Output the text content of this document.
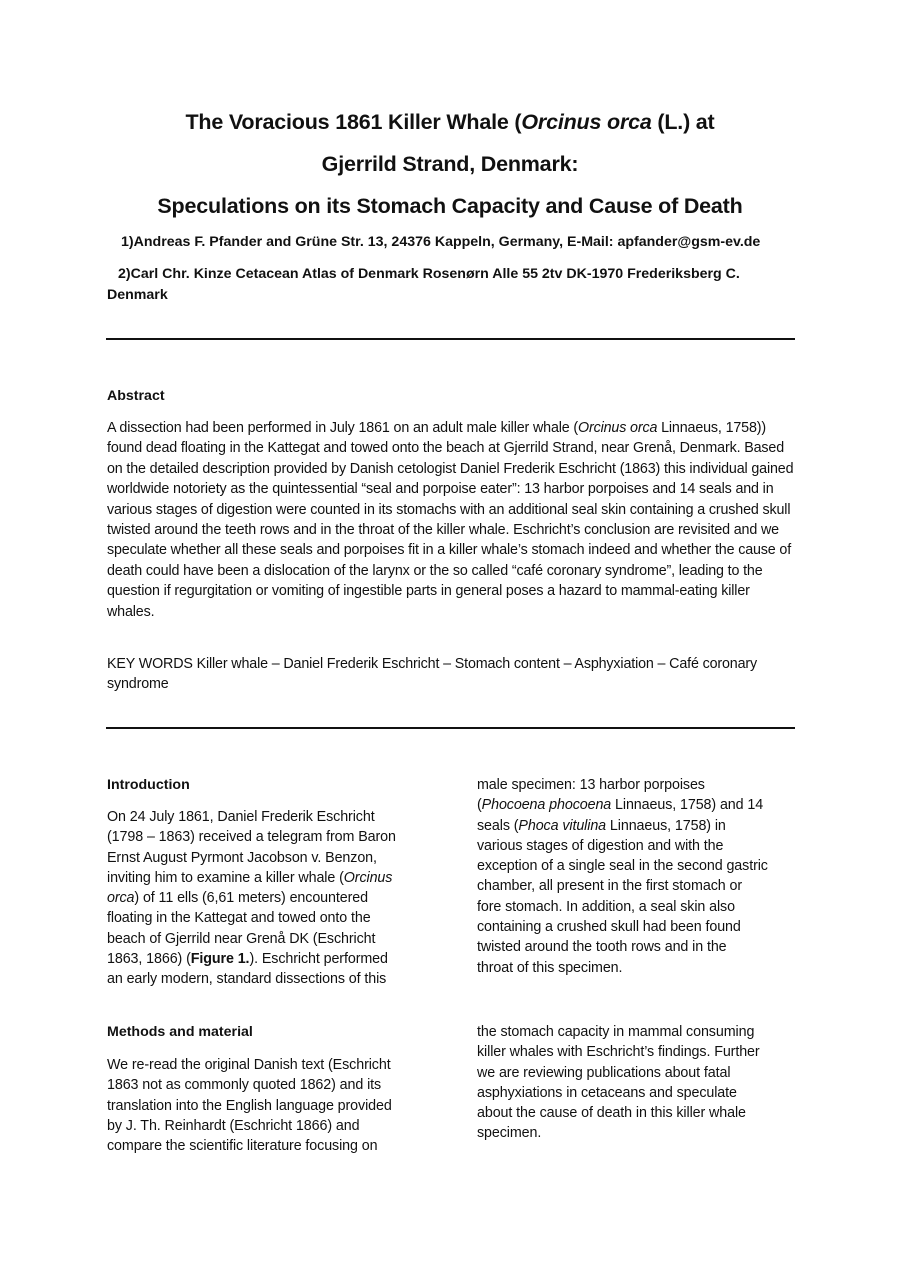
The Voracious 1861 Killer Whale (Orcinus orca (L.) at
Gjerrild Strand, Denmark:
Speculations on its Stomach Capacity and Cause of Death
1)Andreas F. Pfander and Grüne Str. 13, 24376 Kappeln, Germany, E-Mail: apfander@gsm-ev.de
2)Carl Chr. Kinze Cetacean Atlas of Denmark Rosenørn Alle 55 2tv DK-1970 Frederiksberg C.
Denmark
Abstract

A dissection had been performed in July 1861 on an adult male killer whale (Orcinus orca Linnaeus, 1758)) found dead floating in the Kattegat and towed onto the beach at Gjerrild Strand, near Grenå, Denmark. Based on the detailed description provided by Danish cetologist Daniel Frederik Eschricht (1863) this individual gained worldwide notoriety as the quintessential “seal and porpoise eater”: 13 harbor porpoises and 14 seals and in various stages of digestion were counted in its stomachs with an additional seal skin containing a crushed skull twisted around the teeth rows and in the throat of the killer whale. Eschricht’s conclusion are revisited and we speculate whether all these seals and porpoises fit in a killer whale’s stomach indeed and whether the cause of death could have been a dislocation of the larynx or the so called “café coronary syndrome”, leading to the question if regurgitation or vomiting of ingestible parts in general poses a hazard to mammal-eating killer whales.

KEY WORDS Killer whale – Daniel Frederik Eschricht – Stomach content – Asphyxiation – Café coronary syndrome

Introduction
On 24 July 1861, Daniel Frederik Eschricht
(1798 – 1863) received a telegram from Baron
Ernst August Pyrmont Jacobson v. Benzon,
inviting him to examine a killer whale (Orcinus
orca) of 11 ells (6,61 meters) encountered
floating in the Kattegat and towed onto the
beach of Gjerrild near Grenå DK (Eschricht
1863, 1866) (Figure 1.). Eschricht performed
an early modern, standard dissections of this
male specimen: 13 harbor porpoises
(Phocoena phocoena Linnaeus, 1758) and 14
seals (Phoca vitulina Linnaeus, 1758) in
various stages of digestion and with the
exception of a single seal in the second gastric
chamber, all present in the first stomach or
fore stomach. In addition, a seal skin also
containing a crushed skull had been found
twisted around the tooth rows and in the
throat of this specimen.
Methods and material
We re-read the original Danish text (Eschricht
1863 not as commonly quoted 1862) and its
translation into the English language provided
by J. Th. Reinhardt (Eschricht 1866) and
compare the scientific literature focusing on
the stomach capacity in mammal consuming
killer whales with Eschricht’s findings. Further
we are reviewing publications about fatal
asphyxiations in cetaceans and speculate
about the cause of death in this killer whale
specimen.
